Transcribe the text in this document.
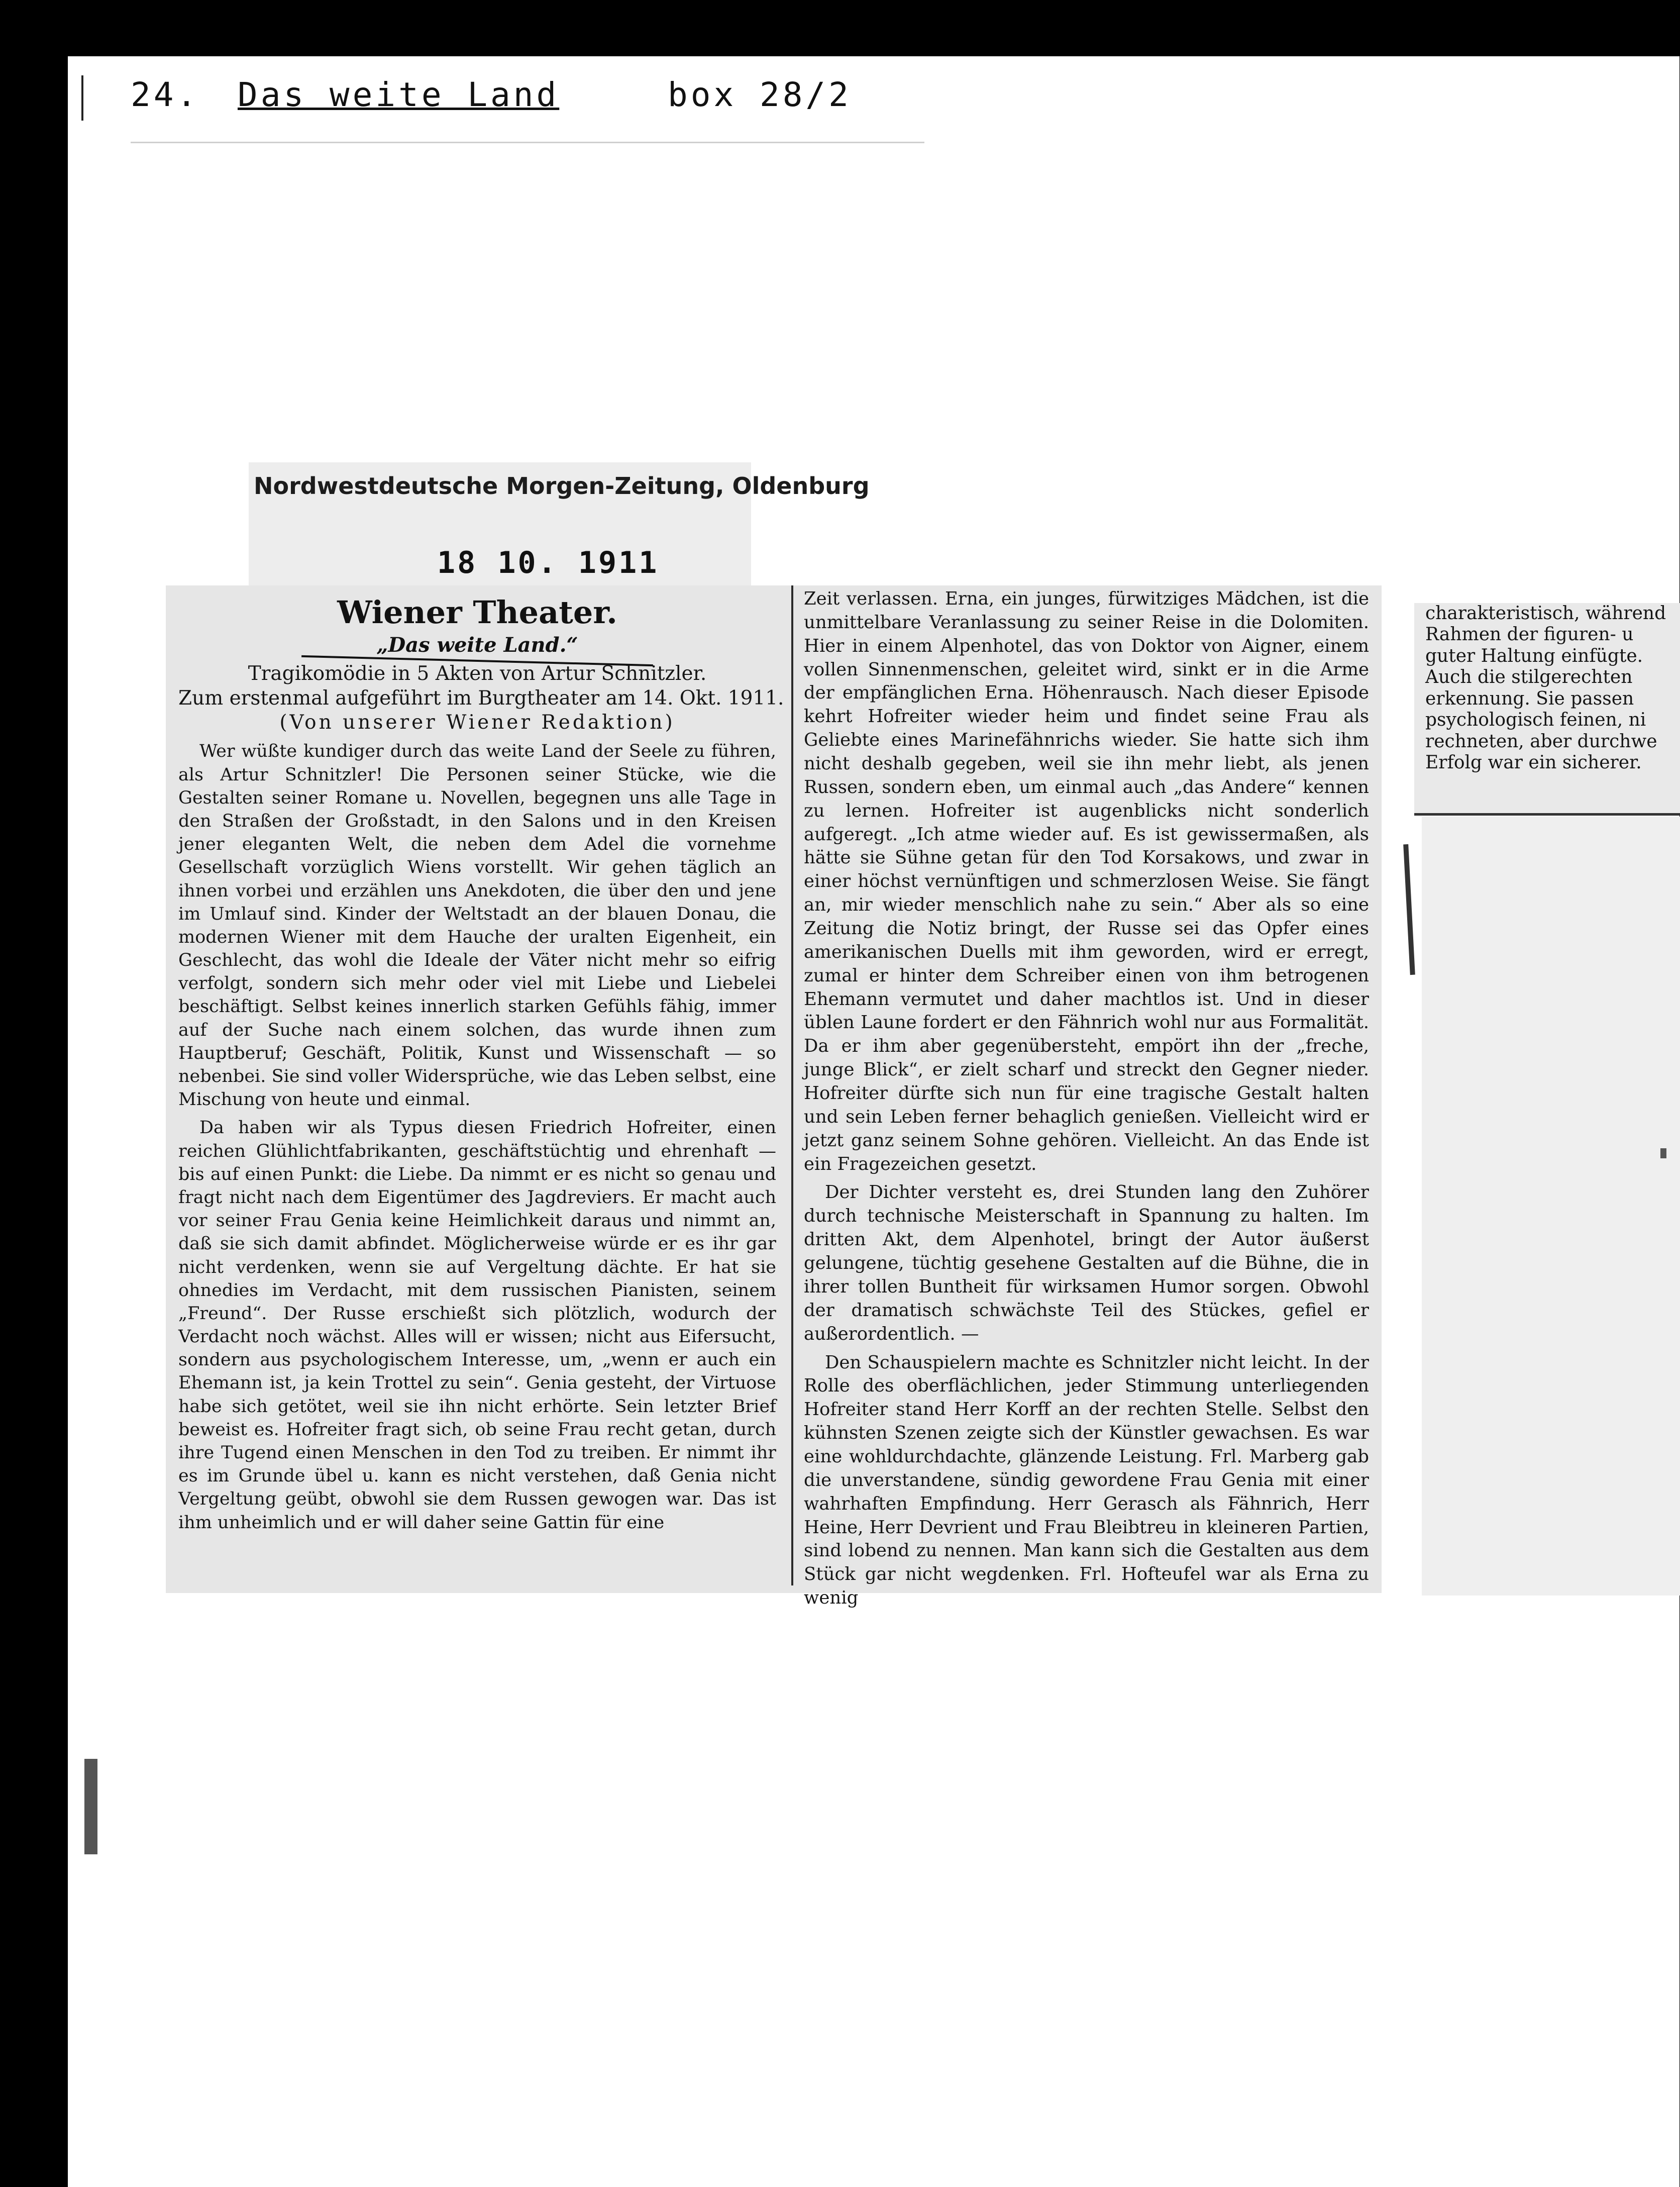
24. Das weite Land	box 28/2
Nordwestdeutsche Morgen-Zeitung, Oldenburg
Wiener Theater.
„Das weite Land.“
Tragikomödie in 5 Akten von Artur Schnitzler.
Zum erstenmal aufgeführt im Burgtheater am 14. Okt. 1911.
(Von unserer Wiener Redaktion)

Wer wüßte kundiger durch das weite Land der Seele zu führen, als Artur Schnitzler! Die Personen seiner Stücke, wie die Gestalten seiner Romane u. Novellen, begegnen uns alle Tage in den Straßen der Großstadt, in den Salons und in den Kreisen jener eleganten Welt, die neben dem Adel die vornehme Gesellschaft vorzüglich Wiens vorstellt. Wir gehen täglich an ihnen vorbei und erzählen uns Anekdoten, die über den und jene im Umlauf sind. Kinder der Weltstadt an der blauen Donau, die modernen Wiener mit dem Hauche der uralten Eigenheit, ein Geschlecht, das wohl die Ideale der Väter nicht mehr so eifrig verfolgt, sondern sich mehr oder viel mit Liebe und Liebelei beschäftigt. Selbst keines innerlich starken Gefühls fähig, immer auf der Suche nach einem solchen, das wurde ihnen zum Hauptberuf; Geschäft, Politik, Kunst und Wissenschaft — so nebenbei. Sie sind voller Widersprüche, wie das Leben selbst, eine Mischung von heute und einmal.

Da haben wir als Typus diesen Friedrich Hofreiter, einen reichen Glühlichtfabrikanten, geschäftstüchtig und ehrenhaft — bis auf einen Punkt: die Liebe. Da nimmt er es nicht so genau und fragt nicht nach dem Eigentümer des Jagdreviers. Er macht auch vor seiner Frau Genia keine Heimlichkeit daraus und nimmt an, daß sie sich damit abfindet. Möglicherweise würde er es ihr gar nicht verdenken, wenn sie auf Vergeltung dächte. Er hat sie ohnedies im Verdacht, mit dem russischen Pianisten, seinem „Freund“. Der Russe erschießt sich plötzlich, wodurch der Verdacht noch wächst. Alles will er wissen; nicht aus Eifersucht, sondern aus psychologischem Interesse, um, „wenn er auch ein Ehemann ist, ja kein Trottel zu sein“. Genia gesteht, der Virtuose habe sich getötet, weil sie ihn nicht erhörte. Sein letzter Brief beweist es. Hofreiter fragt sich, ob seine Frau recht getan, durch ihre Tugend einen Menschen in den Tod zu treiben. Er nimmt ihr es im Grunde übel u. kann es nicht verstehen, daß Genia nicht Vergeltung geübt, obwohl sie dem Russen gewogen war. Das ist ihm unheimlich und er will daher seine Gattin für eine

Zeit verlassen. Erna, ein junges, fürwitziges Mädchen, ist die unmittelbare Veranlassung zu seiner Reise in die Dolomiten. Hier in einem Alpenhotel, das von Doktor von Aigner, einem vollen Sinnenmenschen, geleitet wird, sinkt er in die Arme der empfänglichen Erna. Höhenrausch. Nach dieser Episode kehrt Hofreiter wieder heim und findet seine Frau als Geliebte eines Marinefähnrichs wieder. Sie hatte sich ihm nicht deshalb gegeben, weil sie ihn mehr liebt, als jenen Russen, sondern eben, um einmal auch „das Andere“ kennen zu lernen. Hofreiter ist augenblicks nicht sonderlich aufgeregt. „Ich atme wieder auf. Es ist gewissermaßen, als hätte sie Sühne getan für den Tod Korsakows, und zwar in einer höchst vernünftigen und schmerzlosen Weise. Sie fängt an, mir wieder menschlich nahe zu sein.“ Aber als so eine Zeitung die Notiz bringt, der Russe sei das Opfer eines amerikanischen Duells mit ihm geworden, wird er erregt, zumal er hinter dem Schreiber einen von ihm betrogenen Ehemann vermutet und daher machtlos ist. Und in dieser üblen Laune fordert er den Fähnrich wohl nur aus Formalität. Da er ihm aber gegenübersteht, empört ihn der „freche, junge Blick“, er zielt scharf und streckt den Gegner nieder. Hofreiter dürfte sich nun für eine tragische Gestalt halten und sein Leben ferner behaglich genießen. Vielleicht wird er jetzt ganz seinem Sohne gehören. Vielleicht. An das Ende ist ein Fragezeichen gesetzt.

Der Dichter versteht es, drei Stunden lang den Zuhörer durch technische Meisterschaft in Spannung zu halten. Im dritten Akt, dem Alpenhotel, bringt der Autor äußerst gelungene, tüchtig gesehene Gestalten auf die Bühne, die in ihrer tollen Buntheit für wirksamen Humor sorgen. Obwohl der dramatisch schwächste Teil des Stückes, gefiel er außerordentlich. —

Den Schauspielern machte es Schnitzler nicht leicht. In der Rolle des oberflächlichen, jeder Stimmung unterliegenden Hofreiter stand Herr Korff an der rechten Stelle. Selbst den kühnsten Szenen zeigte sich der Künstler gewachsen. Es war eine wohldurchdachte, glänzende Leistung. Frl. Marberg gab die unverstandene, sündig gewordene Frau Genia mit einer wahrhaften Empfindung. Herr Gerasch als Fähnrich, Herr Heine, Herr Devrient und Frau Bleibtreu in kleineren Partien, sind lobend zu nennen. Man kann sich die Gestalten aus dem Stück gar nicht wegdenken. Frl. Hofteufel war als Erna zu wenig

18 10. 1911
charakteristisch, während
Rahmen der figuren- u
guter Haltung einfügte.
Auch die stilgerechten
erkennung. Sie passen
psychologisch feinen, ni
rechneten, aber durchwe
Erfolg war ein sicherer.
